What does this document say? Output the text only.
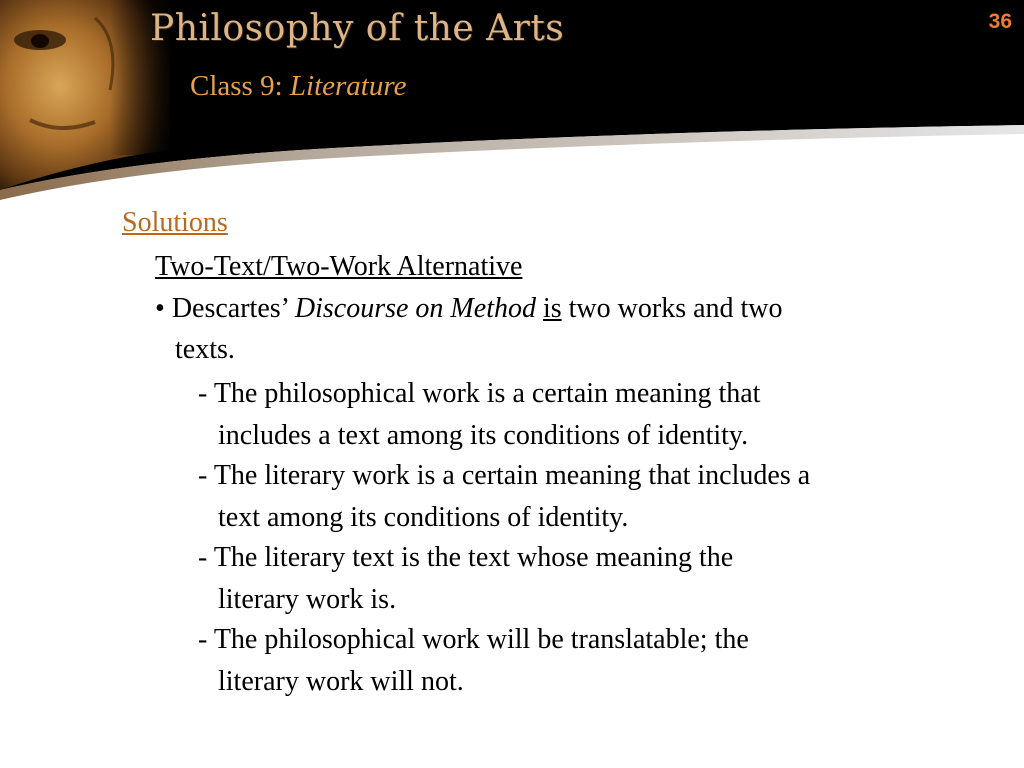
Philosophy of the Arts
Class 9: Literature
36
Solutions
Two-Text/Two-Work Alternative
• Descartes’ Discourse on Method is two works and two
texts.
- The philosophical work is a certain meaning that
includes a text among its conditions of identity.
- The literary work is a certain meaning that includes a
text among its conditions of identity.
- The literary text is the text whose meaning the
literary work is.
- The philosophical work will be translatable; the
literary work will not.
